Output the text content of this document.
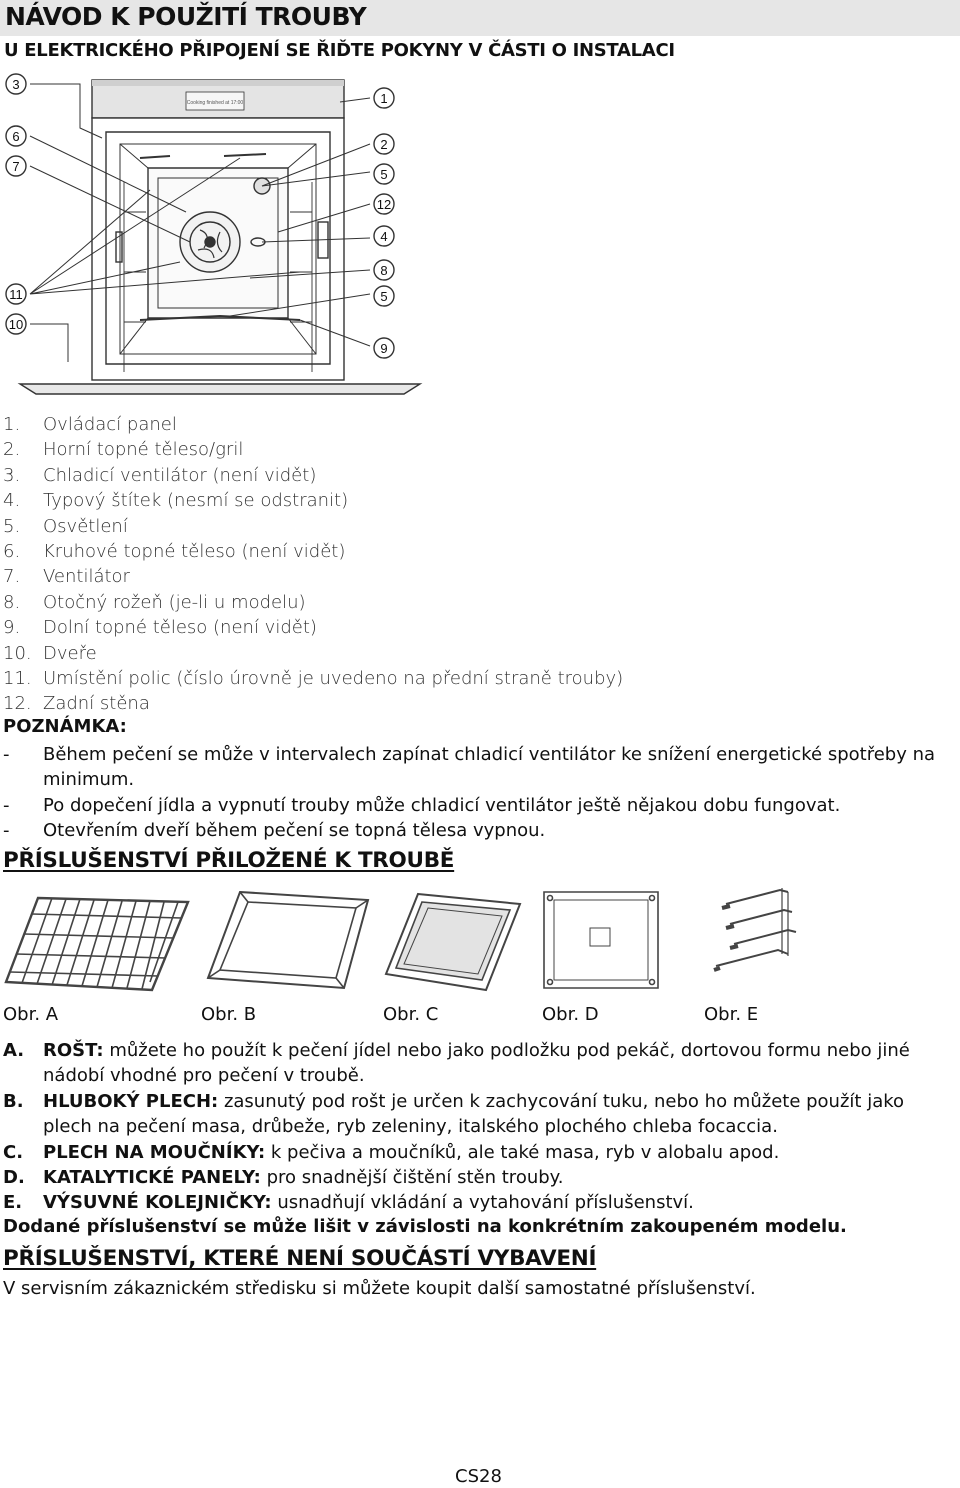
NÁVOD K POUŽITÍ TROUBY
U ELEKTRICKÉHO PŘIPOJENÍ SE ŘIĎTE POKYNY V ČÁSTI O INSTALACI
3
6
7
11
10
1
2
5
12
4
8
5
9
Cooking finished at 17:00
1. Ovládací panel
2. Horní topné těleso/gril
3. Chladicí ventilátor (není vidět)
4. Typový štítek (nesmí se odstranit)
5. Osvětlení
6. Kruhové topné těleso (není vidět)
7. Ventilátor
8. Otočný rožeň (je-li u modelu)
9. Dolní topné těleso (není vidět)
10. Dveře
11. Umístění polic (číslo úrovně je uvedeno na přední straně trouby)
12. Zadní stěna
POZNÁMKA:
-	Během pečení se může v intervalech zapínat chladicí ventilátor ke snížení energetické spotřeby na minimum.
-	Po dopečení jídla a vypnutí trouby může chladicí ventilátor ještě nějakou dobu fungovat.
-	Otevřením dveří během pečení se topná tělesa vypnou.
PŘÍSLUŠENSTVÍ PŘILOŽENÉ K TROUBĚ
Obr. A	Obr. B	Obr. C	Obr. D	Obr. E
A.	ROŠT: můžete ho použít k pečení jídel nebo jako podložku pod pekáč, dortovou formu nebo jiné nádobí vhodné pro pečení v troubě.
B.	HLUBOKÝ PLECH: zasunutý pod rošt je určen k zachycování tuku, nebo ho můžete použít jako plech na pečení masa, drůbeže, ryb zeleniny, italského plochého chleba focaccia.
C.	PLECH NA MOUČNÍKY: k pečiva a moučníků, ale také masa, ryb v alobalu apod.
D.	KATALYTICKÉ PANELY: pro snadnější čištění stěn trouby.
E.	VÝSUVNÉ KOLEJNIČKY: usnadňují vkládání a vytahování příslušenství.
Dodané příslušenství se může lišit v závislosti na konkrétním zakoupeném modelu.
PŘÍSLUŠENSTVÍ, KTERÉ NENÍ SOUČÁSTÍ VYBAVENÍ
V servisním zákaznickém středisku si můžete koupit další samostatné příslušenství.
CS28
